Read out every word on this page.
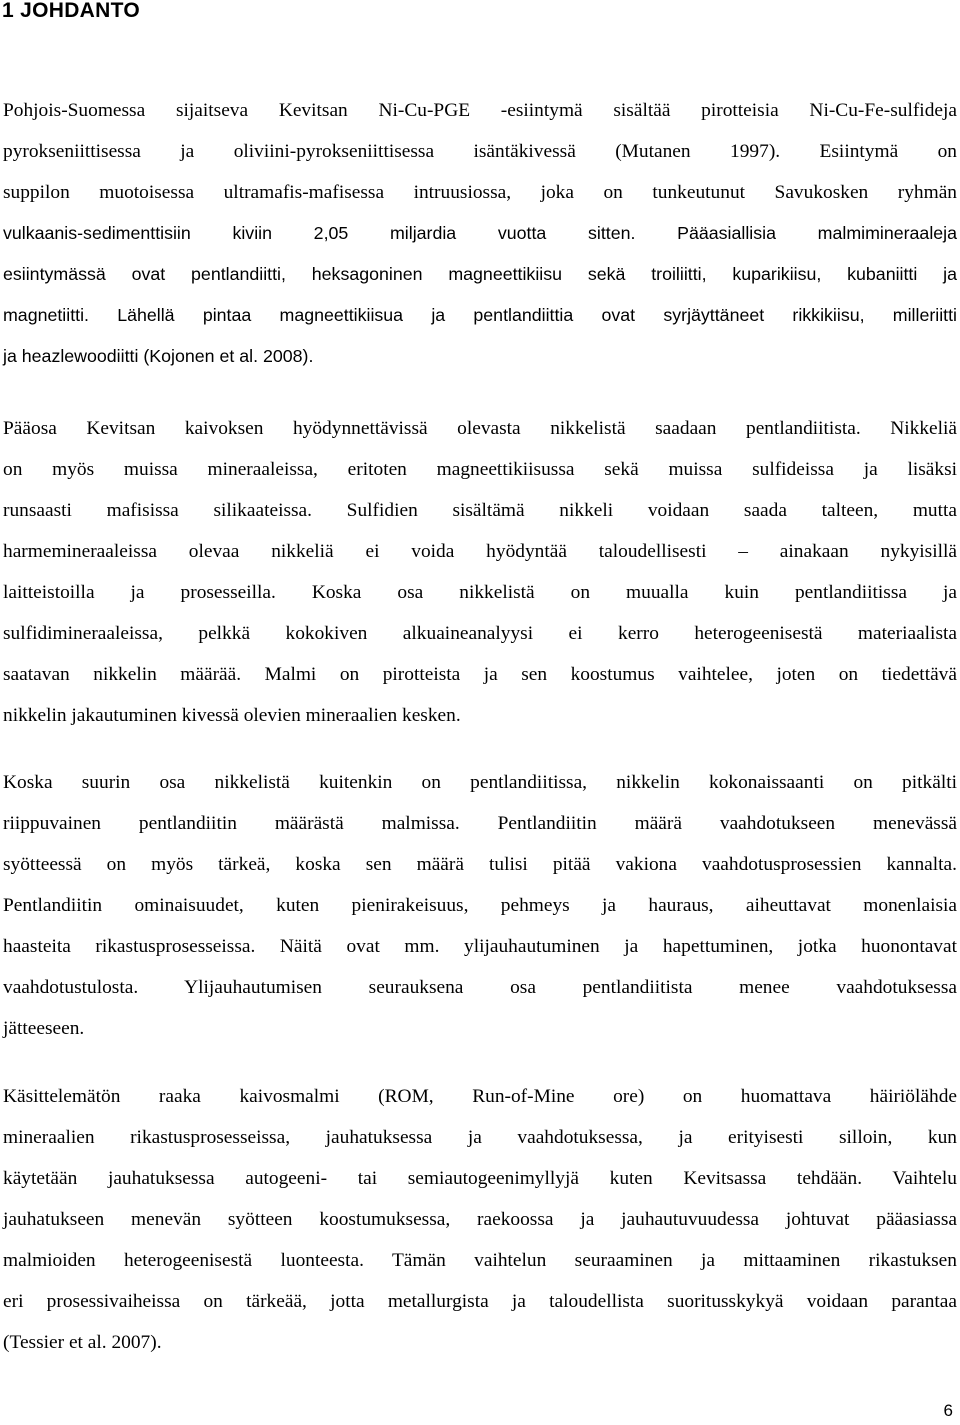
1 JOHDANTO
Pohjois-Suomessa sijaitseva Kevitsan Ni-Cu-PGE -esiintymä sisältää pirotteisia Ni-Cu-Fe-sulfideja
pyrokseniittisessa ja oliviini-pyrokseniittisessa isäntäkivessä (Mutanen 1997). Esiintymä on
suppilon muotoisessa ultramafis-mafisessa intruusiossa, joka on tunkeutunut Savukosken ryhmän
vulkaanis-sedimenttisiin kiviin 2,05 miljardia vuotta sitten. Pääasiallisia malmimineraaleja
esiintymässä ovat pentlandiitti, heksagoninen magneettikiisu sekä troiliitti, kuparikiisu, kubaniitti ja
magnetiitti. Lähellä pintaa magneettikiisua ja pentlandiittia ovat syrjäyttäneet rikkikiisu, milleriitti
ja heazlewoodiitti (Kojonen et al. 2008).
Pääosa Kevitsan kaivoksen hyödynnettävissä olevasta nikkelistä saadaan pentlandiitista. Nikkeliä
on myös muissa mineraaleissa, eritoten magneettikiisussa sekä muissa sulfideissa ja lisäksi
runsaasti mafisissa silikaateissa. Sulfidien sisältämä nikkeli voidaan saada talteen, mutta
harmemineraaleissa olevaa nikkeliä ei voida hyödyntää taloudellisesti – ainakaan nykyisillä
laitteistoilla ja prosesseilla. Koska osa nikkelistä on muualla kuin pentlandiitissa ja
sulfidimineraaleissa, pelkkä kokokiven alkuaineanalyysi ei kerro heterogeenisestä materiaalista
saatavan nikkelin määrää. Malmi on pirotteista ja sen koostumus vaihtelee, joten on tiedettävä
nikkelin jakautuminen kivessä olevien mineraalien kesken.
Koska suurin osa nikkelistä kuitenkin on pentlandiitissa, nikkelin kokonaissaanti on pitkälti
riippuvainen pentlandiitin määrästä malmissa. Pentlandiitin määrä vaahdotukseen menevässä
syötteessä on myös tärkeä, koska sen määrä tulisi pitää vakiona vaahdotusprosessien kannalta.
Pentlandiitin ominaisuudet, kuten pienirakeisuus, pehmeys ja hauraus, aiheuttavat monenlaisia
haasteita rikastusprosesseissa. Näitä ovat mm. ylijauhautuminen ja hapettuminen, jotka huonontavat
vaahdotustulosta. Ylijauhautumisen seurauksena osa pentlandiitista menee vaahdotuksessa
jätteeseen.
Käsittelemätön raaka kaivosmalmi (ROM, Run-of-Mine ore) on huomattava häiriölähde
mineraalien rikastusprosesseissa, jauhatuksessa ja vaahdotuksessa, ja erityisesti silloin, kun
käytetään jauhatuksessa autogeeni- tai semiautogeenimyllyjä kuten Kevitsassa tehdään. Vaihtelu
jauhatukseen menevän syötteen koostumuksessa, raekoossa ja jauhautuvuudessa johtuvat pääasiassa
malmioiden heterogeenisestä luonteesta. Tämän vaihtelun seuraaminen ja mittaaminen rikastuksen
eri prosessivaiheissa on tärkeää, jotta metallurgista ja taloudellista suoritusskykyä voidaan parantaa
(Tessier et al. 2007).

6
